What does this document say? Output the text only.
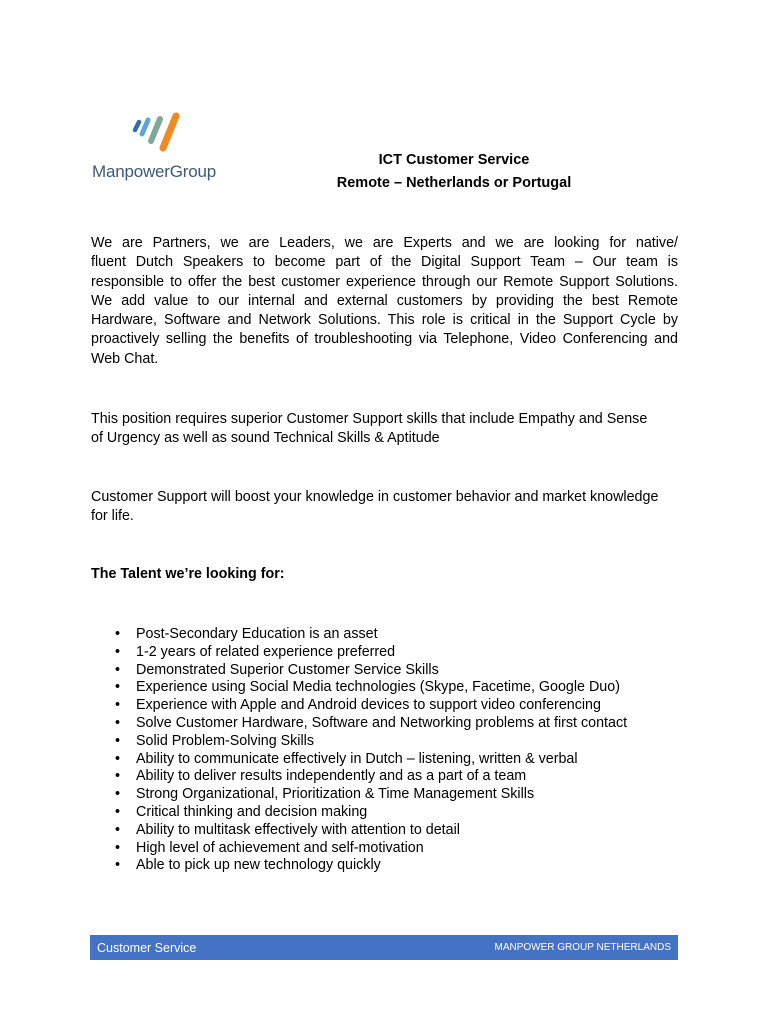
ManpowerGroup
ICT Customer Service
Remote – Netherlands or Portugal
We are Partners, we are Leaders, we are Experts and we are looking for native/
fluent Dutch Speakers to become part of the Digital Support Team – Our team is
responsible to offer the best customer experience through our Remote Support Solutions.
We add value to our internal and external customers by providing the best Remote
Hardware, Software and Network Solutions. This role is critical in the Support Cycle by
proactively selling the benefits of troubleshooting via Telephone, Video Conferencing and
Web Chat.
This position requires superior Customer Support skills that include Empathy and Sense
of Urgency as well as sound Technical Skills & Aptitude
Customer Support will boost your knowledge in customer behavior and market knowledge
for life.
The Talent we’re looking for:
• Post-Secondary Education is an asset
• 1-2 years of related experience preferred
• Demonstrated Superior Customer Service Skills
• Experience using Social Media technologies (Skype, Facetime, Google Duo)
• Experience with Apple and Android devices to support video conferencing
• Solve Customer Hardware, Software and Networking problems at first contact
• Solid Problem-Solving Skills
• Ability to communicate effectively in Dutch – listening, written & verbal
• Ability to deliver results independently and as a part of a team
• Strong Organizational, Prioritization & Time Management Skills
• Critical thinking and decision making
• Ability to multitask effectively with attention to detail
• High level of achievement and self-motivation
• Able to pick up new technology quickly
Customer Service	MANPOWER GROUP NETHERLANDS
